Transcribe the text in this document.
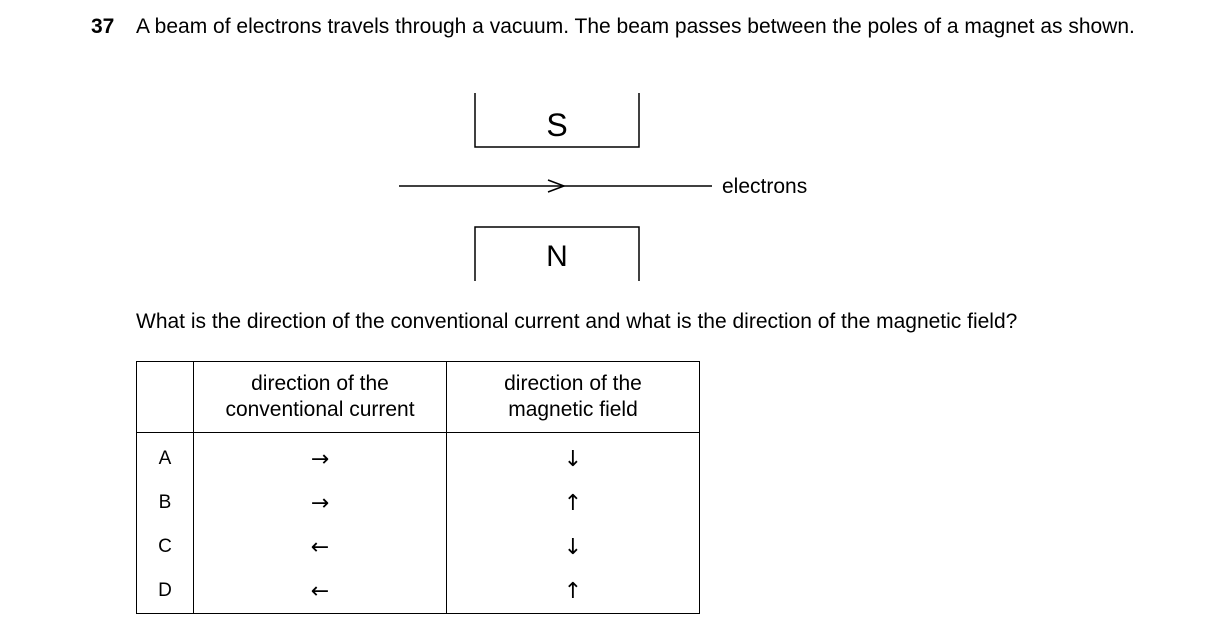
37 A beam of electrons travels through a vacuum. The beam passes between the poles of a magnet as shown.
S
electrons
N
What is the direction of the conventional current and what is the direction of the magnetic field?

	direction of the conventional current	direction of the magnetic field

A	→	↓
B	→	↑
C	←	↓
D	←	↑
